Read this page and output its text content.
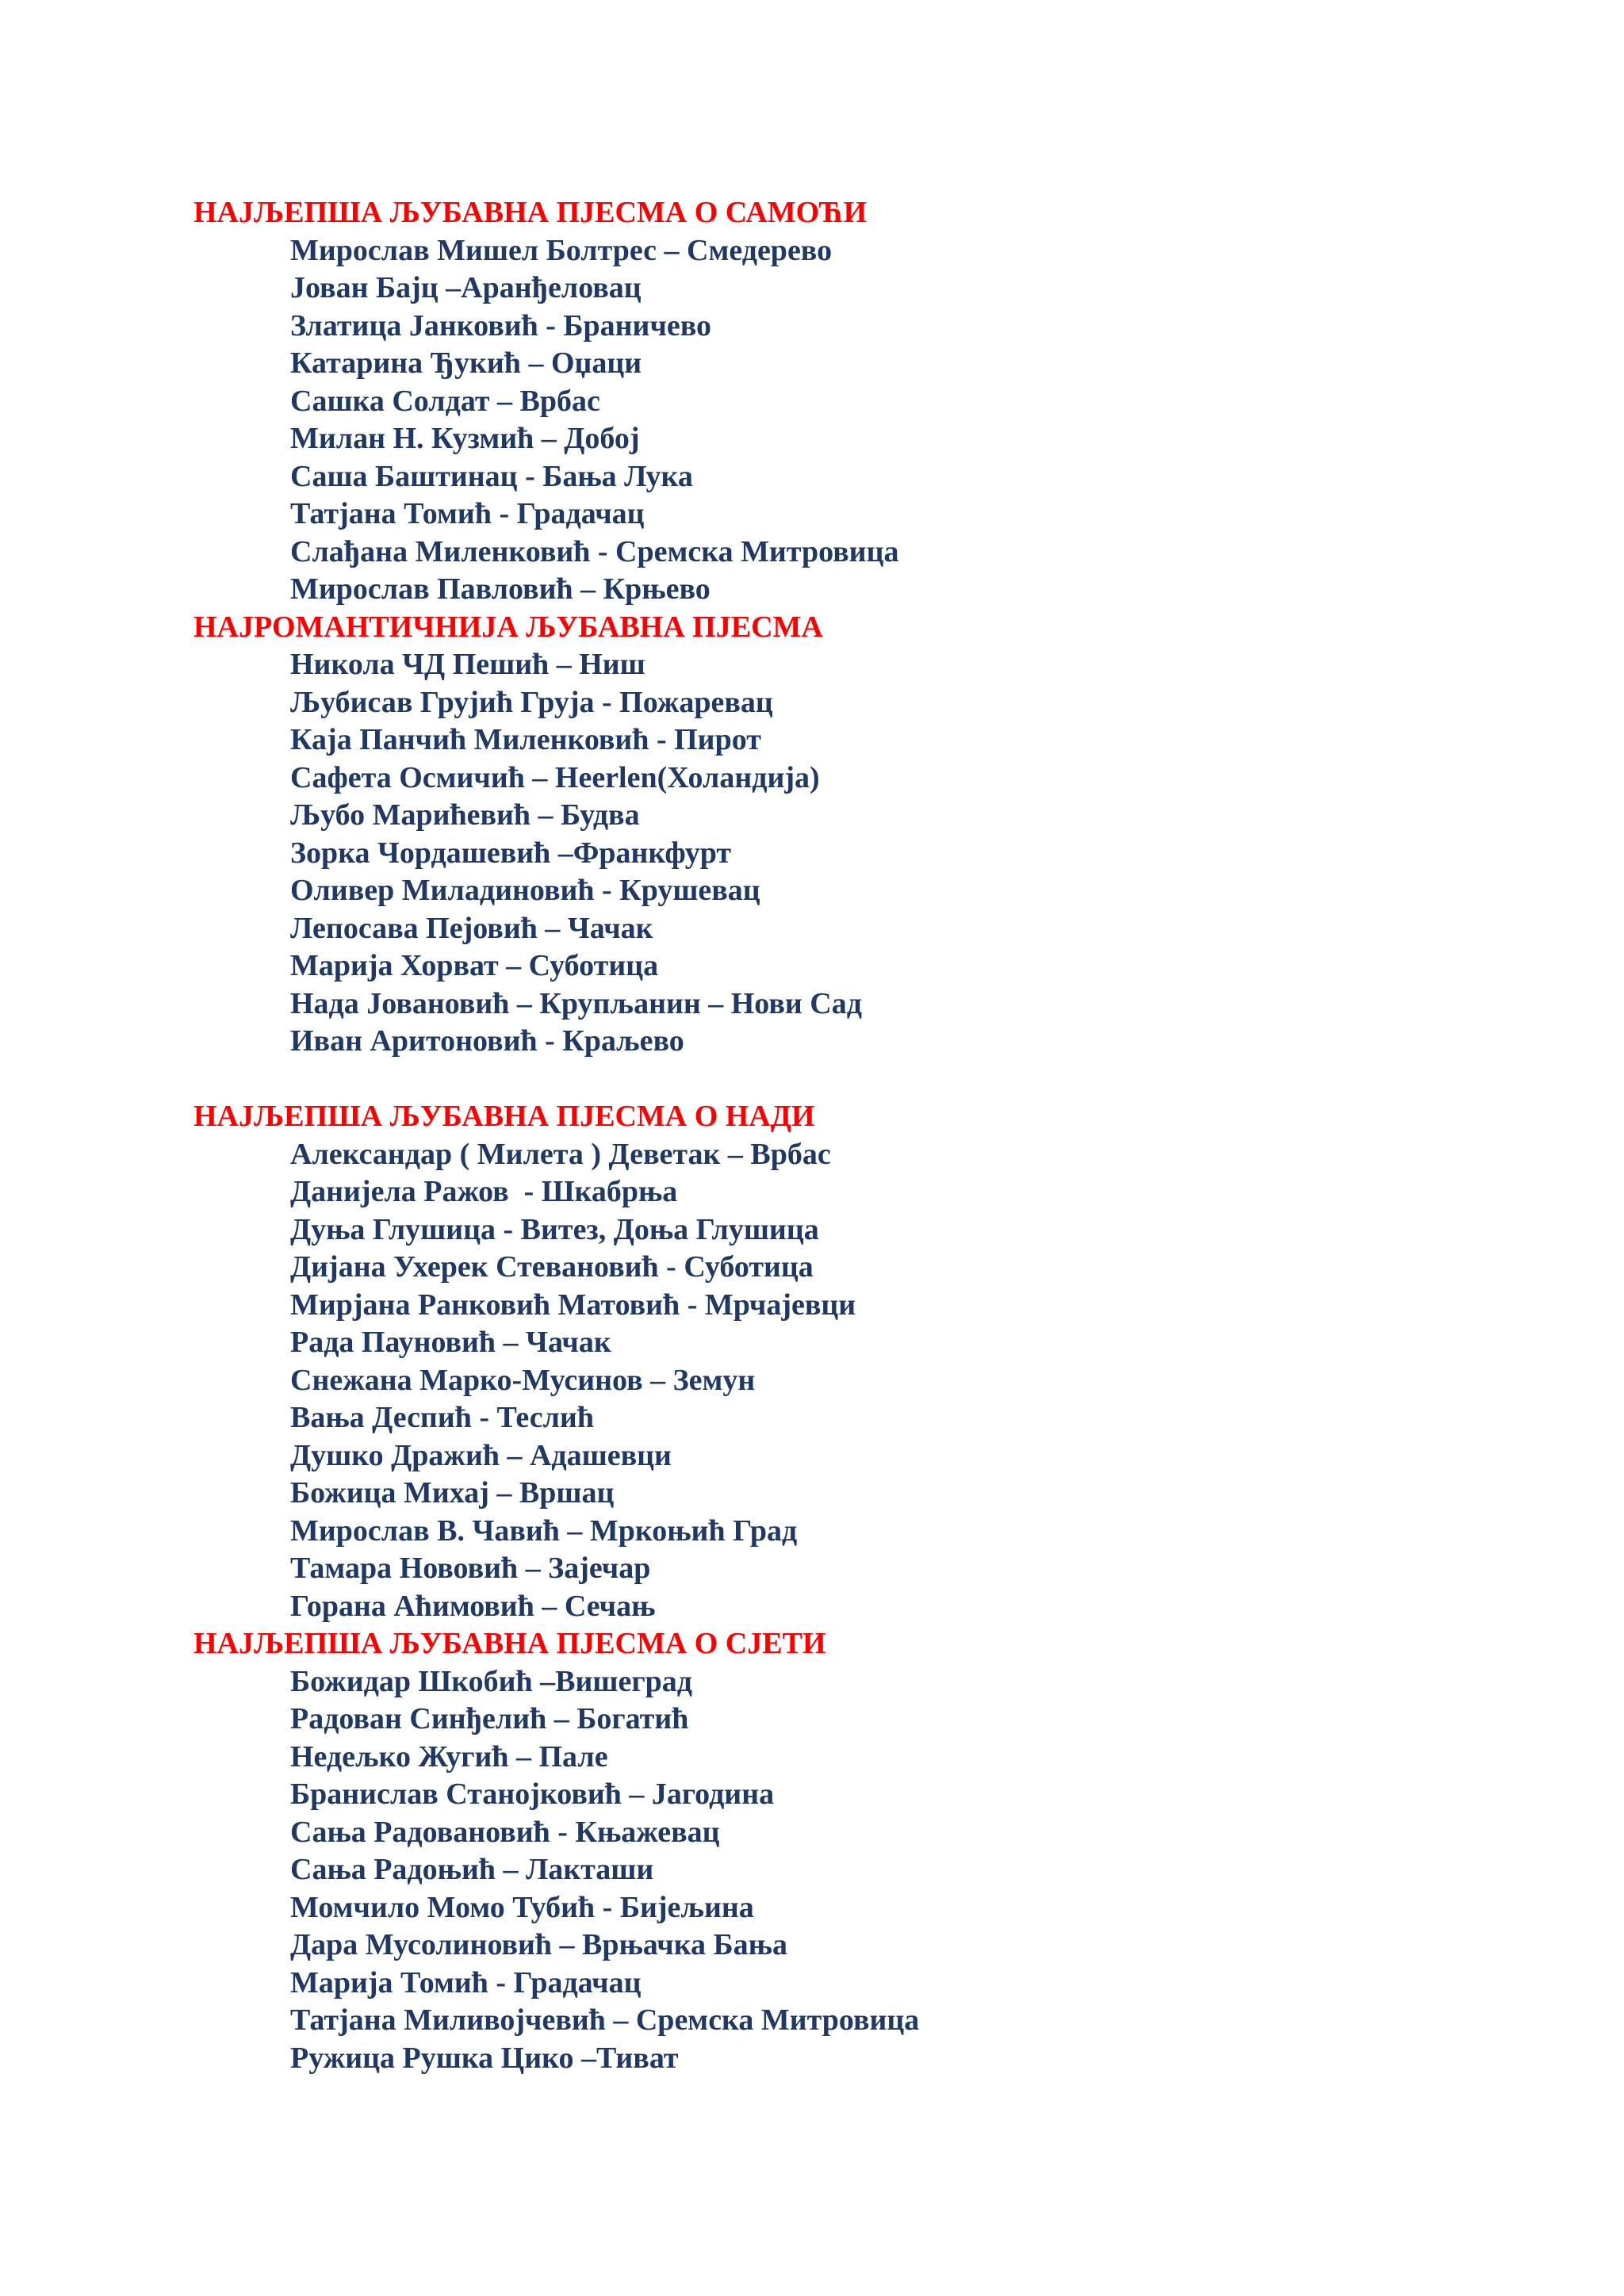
НАЈЉЕПША ЉУБАВНА ПЈЕСМА О САМОЋИ
Мирослав Мишел Болтрес – Смедерево
Јован Бајц –Аранђеловац
Златица Јанковић - Браничево
Катарина Ђукић – Оџаци
Сашка Солдат – Врбас
Милан Н. Кузмић – Добој
Саша Баштинац - Бања Лука
Татјана Томић - Градачац
Слађана Миленковић - Сремска Митровица
Мирослав Павловић – Крњево
НАЈРОМАНТИЧНИЈА ЉУБАВНА ПЈЕСМА
Никола ЧД Пешић – Ниш
Љубисав Грујић Груја - Пожаревац
Каја Панчић Миленковић - Пирот
Сафета Осмичић – Heerlen(Холандија)
Љубо Марићевић – Будва
Зорка Чордашевић –Франкфурт
Оливер Миладиновић - Крушевац
Лепосава Пејовић – Чачак
Марија Хорват – Суботица
Нада Јовановић – Крупљанин – Нови Сад
Иван Аритоновић - Краљево
НАЈЉЕПША ЉУБАВНА ПЈЕСМА О НАДИ
Александар ( Милета ) Деветак – Врбас
Данијела Ражов  - Шкабрња
Дуња Глушица - Витез, Доња Глушица
Дијана Ухерек Стевановић - Суботица
Мирјана Ранковић Матовић - Мрчајевци
Рада Пауновић – Чачак
Снежана Марко-Мусинов – Земун
Вања Деспић - Теслић
Душко Дражић – Адашевци
Божица Михај – Вршац
Мирослав В. Чавић – Мркоњић Град
Тамара Нововић – Зајечар
Горана Аћимовић – Сечањ
НАЈЉЕПША ЉУБАВНА ПЈЕСМА О СЈЕТИ
Божидар Шкобић –Вишеград
Радован Синђелић – Богатић
Недељко Жугић – Пале
Бранислав Станојковић – Јагодина
Сања Радовановић - Књажевац
Сања Радоњић – Лакташи
Момчило Момо Тубић - Бијељина
Дара Мусолиновић – Врњачка Бања
Марија Томић - Градачац
Татјана Миливојчевић – Сремска Митровица
Ружица Рушка Цико –Тиват
